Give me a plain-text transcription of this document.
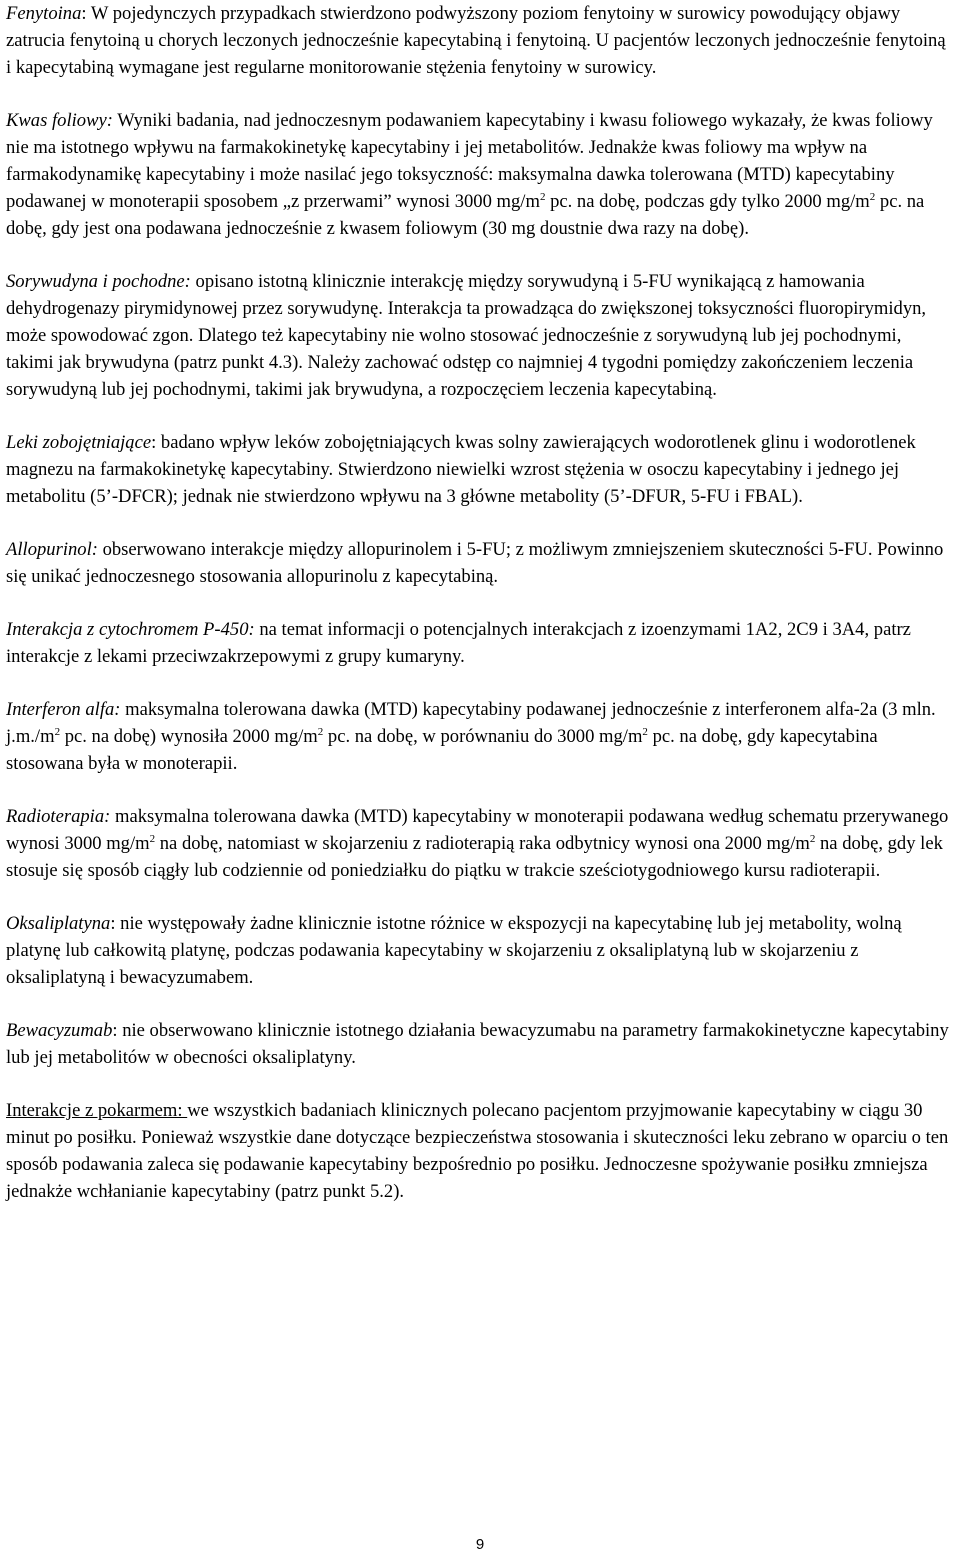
Fenytoina: W pojedynczych przypadkach stwierdzono podwyższony poziom fenytoiny w surowicy powodujący objawy zatrucia fenytoiną u chorych leczonych jednocześnie kapecytabiną i fenytoiną. U pacjentów leczonych jednocześnie fenytoiną i kapecytabiną wymagane jest regularne monitorowanie stężenia fenytoiny w surowicy.

Kwas foliowy: Wyniki badania, nad jednoczesnym podawaniem kapecytabiny i kwasu foliowego wykazały, że kwas foliowy nie ma istotnego wpływu na farmakokinetykę kapecytabiny i jej metabolitów. Jednakże kwas foliowy ma wpływ na farmakodynamikę kapecytabiny i może nasilać jego toksyczność: maksymalna dawka tolerowana (MTD) kapecytabiny podawanej w monoterapii sposobem „z przerwami” wynosi 3000 $mg/m^2$ pc. na dobę, podczas gdy tylko 2000 $mg/m^2$ pc. na dobę, gdy jest ona podawana jednocześnie z kwasem foliowym (30 mg doustnie dwa razy na dobę).

Sorywudyna i pochodne: opisano istotną klinicznie interakcję między sorywudyną i 5-FU wynikającą z hamowania dehydrogenazy pirymidynowej przez sorywudynę. Interakcja ta prowadząca do zwiększonej toksyczności fluoropirymidyn, może spowodować zgon. Dlatego też kapecytabiny nie wolno stosować jednocześnie z sorywudyną lub jej pochodnymi, takimi jak brywudyna (patrz punkt 4.3). Należy zachować odstęp co najmniej 4 tygodni pomiędzy zakończeniem leczenia sorywudyną lub jej pochodnymi, takimi jak brywudyna, a rozpoczęciem leczenia kapecytabiną.

Leki zobojętniające: badano wpływ leków zobojętniających kwas solny zawierających wodorotlenek glinu i wodorotlenek magnezu na farmakokinetykę kapecytabiny. Stwierdzono niewielki wzrost stężenia w osoczu kapecytabiny i jednego jej metabolitu (5’-DFCR); jednak nie stwierdzono wpływu na 3 główne metabolity (5’-DFUR, 5-FU i FBAL).

Allopurinol: obserwowano interakcje między allopurinolem i 5-FU; z możliwym zmniejszeniem skuteczności 5-FU. Powinno się unikać jednoczesnego stosowania allopurinolu z kapecytabiną.

Interakcja z cytochromem P-450: na temat informacji o potencjalnych interakcjach z izoenzymami 1A2, 2C9 i 3A4, patrz interakcje z lekami przeciwzakrzepowymi z grupy kumaryny.

Interferon alfa: maksymalna tolerowana dawka (MTD) kapecytabiny podawanej jednocześnie z interferonem alfa-2a (3 mln. $j.m./m^2$ pc. na dobę) wynosiła 2000 $mg/m^2$ pc. na dobę, w porównaniu do 3000 $mg/m^2$ pc. na dobę, gdy kapecytabina stosowana była w monoterapii.

Radioterapia: maksymalna tolerowana dawka (MTD) kapecytabiny w monoterapii podawana według schematu przerywanego wynosi 3000 $mg/m^2$ na dobę, natomiast w skojarzeniu z radioterapią raka odbytnicy wynosi ona 2000 $mg/m^2$ na dobę, gdy lek stosuje się sposób ciągły lub codziennie od poniedziałku do piątku w trakcie sześciotygodniowego kursu radioterapii.

Oksaliplatyna: nie występowały żadne klinicznie istotne różnice w ekspozycji na kapecytabinę lub jej metabolity, wolną platynę lub całkowitą platynę, podczas podawania kapecytabiny w skojarzeniu z oksaliplatyną lub w skojarzeniu z oksaliplatyną i bewacyzumabem.

Bewacyzumab: nie obserwowano klinicznie istotnego działania bewacyzumabu na parametry farmakokinetyczne kapecytabiny lub jej metabolitów w obecności oksaliplatyny.

Interakcje z pokarmem: we wszystkich badaniach klinicznych polecano pacjentom przyjmowanie kapecytabiny w ciągu 30 minut po posiłku. Ponieważ wszystkie dane dotyczące bezpieczeństwa stosowania i skuteczności leku zebrano w oparciu o ten sposób podawania zaleca się podawanie kapecytabiny bezpośrednio po posiłku. Jednoczesne spożywanie posiłku zmniejsza jednakże wchłanianie kapecytabiny (patrz punkt 5.2).

9
